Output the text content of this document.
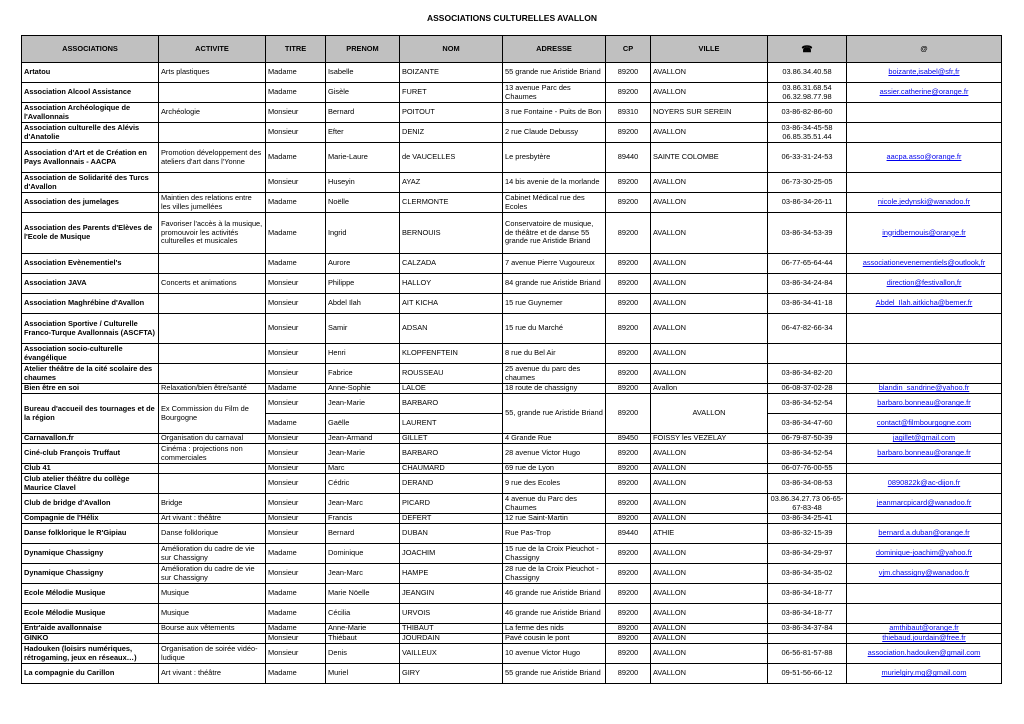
ASSOCIATIONS CULTURELLES AVALLON
ASSOCIATIONS	ACTIVITE	TITRE	PRENOM	NOM	ADRESSE	CP	VILLE	☎	@
Artatou	Arts plastiques	Madame	Isabelle	BOIZANTE	55 grande rue Aristide Briand	89200	AVALLON	03.86.34.40.58	boizante,isabel@sfr,fr
Association Alcool Assistance		Madame	Gisèle	FURET	13 avenue Parc des Chaumes	89200	AVALLON	03.86.31.68.54 06.32.98.77.98	assier.catherine@orange.fr
Association Archéologique de l'Avallonnais	Archéologie	Monsieur	Bernard	POITOUT	3 rue Fontaine - Puits de Bon	89310	NOYERS SUR SEREIN	03-86-82-86-60	
Association culturelle des Alévis d'Anatolie		Monsieur	Efter	DENIZ	2 rue Claude Debussy	89200	AVALLON	03-86-34-45-58 06.85.35.51.44	
Association d'Art et de Création en Pays Avallonnais - AACPA	Promotion développement des ateliers d'art dans l'Yonne	Madame	Marie-Laure	de VAUCELLES	Le presbytère	89440	SAINTE COLOMBE	06-33-31-24-53	aacpa.asso@orange.fr
Association de Solidarité des Turcs d'Avallon		Monsieur	Huseyin	AYAZ	14 bis avenie de la morlande	89200	AVALLON	06-73-30-25-05	
Association des jumelages	Maintien des relations entre les villes jumellées	Madame	Noëlle	CLERMONTE	Cabinet Médical rue des Ecoles	89200	AVALLON	03-86-34-26-11	nicole.jedynski@wanadoo.fr
Association des Parents d'Elèves de l'Ecole de Musique	Favoriser l'accès à la musique, promouvoir les activités culturelles et musicales	Madame	Ingrid	BERNOUIS	Conservatoire de musique, de théâtre et de danse 55 grande rue Aristide Briand	89200	AVALLON	03-86-34-53-39	ingridbernouis@orange.fr
Association Evènementiel's		Madame	Aurore	CALZADA	7 avenue Pierre Vugoureux	89200	AVALLON	06-77-65-64-44	associationevenementiels@outlook,fr
Association JAVA	Concerts et animations	Monsieur	Philippe	HALLOY	84 grande rue Aristide Briand	89200	AVALLON	03-86-34-24-84	direction@festivallon,fr
Association Maghrébine d'Avallon		Monsieur	Abdel Ilah	AIT KICHA	15 rue Guynemer	89200	AVALLON	03-86-34-41-18	Abdel_Ilah.aitkicha@bemer.fr
Association Sportive / Culturelle Franco-Turque Avallonnais (ASCFTA)		Monsieur	Samir	ADSAN	15 rue du Marché	89200	AVALLON	06-47-82-66-34	
Association socio-culturelle évangélique		Monsieur	Henri	KLOPFENFTEIN	8 rue du Bel Air	89200	AVALLON		
Atelier théâtre de la cité scolaire des chaumes		Monsieur	Fabrice	ROUSSEAU	25 avenue du parc des chaumes	89200	AVALLON	03-86-34-82-20	
Bien être en soi	Relaxation/bien être/santé	Madame	Anne-Sophie	LALOE	18 route de chassigny	89200	Avallon	06-08-37-02-28	blandin_sandrine@yahoo.fr
Bureau d'accueil des tournages et de la région	Ex Commission du Film de Bourgogne	Monsieur	Jean-Marie	BARBARO	55, grande rue Aristide Briand	89200	AVALLON	03-86-34-52-54	barbaro.bonneau@orange.fr
		Madame	Gaëlle	LAURENT				03-86-34-47-60	contact@filmbourgogne.com
Carnavallon.fr	Organisation du carnaval	Monsieur	Jean-Armand	GILLET	4 Grande Rue	89450	FOISSY les VEZELAY	06-79-87-50-39	jagillet@gmail.com
Ciné-club François Truffaut	Cinéma : projections non commerciales	Monsieur	Jean-Marie	BARBARO	28 avenue Victor Hugo	89200	AVALLON	03-86-34-52-54	barbaro.bonneau@orange.fr
Club 41		Monsieur	Marc	CHAUMARD	69 rue de Lyon	89200	AVALLON	06-07-76-00-55	
Club atelier théâtre du collège Maurice Clavel		Monsieur	Cédric	DERAND	9 rue des Ecoles	89200	AVALLON	03-86-34-08-53	0890822k@ac-dijon.fr
Club de bridge d'Avallon	Bridge	Monsieur	Jean-Marc	PICARD	4 avenue du Parc des Chaumes	89200	AVALLON	03.86.34.27.73 06-65-67-83-48	jeanmarcpicard@wanadoo.fr
Compagnie de l'Hélix	Art vivant : théâtre	Monsieur	Francis	DEFERT	12 rue Saint-Martin	89200	AVALLON	03-86-34-25-41	
Danse folklorique le R'Gipiau	Danse folklorique	Monsieur	Bernard	DUBAN	Rue Pas-Trop	89440	ATHIE	03-86-32-15-39	bernard.a.duban@orange.fr
Dynamique Chassigny	Amélioration du cadre de vie sur Chassigny	Madame	Dominique	JOACHIM	15 rue de la Croix Pieuchot - Chassigny	89200	AVALLON	03-86-34-29-97	dominique-joachim@yahoo.fr
Dynamique Chassigny	Amélioration du cadre de vie sur Chassigny	Monsieur	Jean-Marc	HAMPE	28 rue de la Croix Pieuchot - Chassigny	89200	AVALLON	03-86-34-35-02	vjm.chassigny@wanadoo.fr
Ecole Mélodie Musique	Musique	Madame	Marie Nöelle	JEANGIN	46 grande rue Aristide Briand	89200	AVALLON	03-86-34-18-77	
Ecole Mélodie Musique	Musique	Madame	Cécilia	URVOIS	46 grande rue Aristide Briand	89200	AVALLON	03-86-34-18-77	
Entr'aide avallonnaise	Bourse aux vêtements	Madame	Anne-Marie	THIBAUT	La ferme des nids	89200	AVALLON	03-86-34-37-84	amthibaut@orange.fr
GINKO		Monsieur	Thiébaut	JOURDAIN	Pavé cousin le pont	89200	AVALLON		thiebaud.jourdain@free.fr
Hadouken (loisirs numériques, rétrogaming, jeux en réseaux…)	Organisation de soirée vidéo-ludique	Monsieur	Denis	VAILLEUX	10 avenue Victor Hugo	89200	AVALLON	06-56-81-57-88	association.hadouken@gmail.com
La compagnie du Carillon	Art vivant : théâtre	Madame	Muriel	GIRY	55 grande rue Aristide Briand	89200	AVALLON	09-51-56-66-12	murielgiry.mg@gmail.com
